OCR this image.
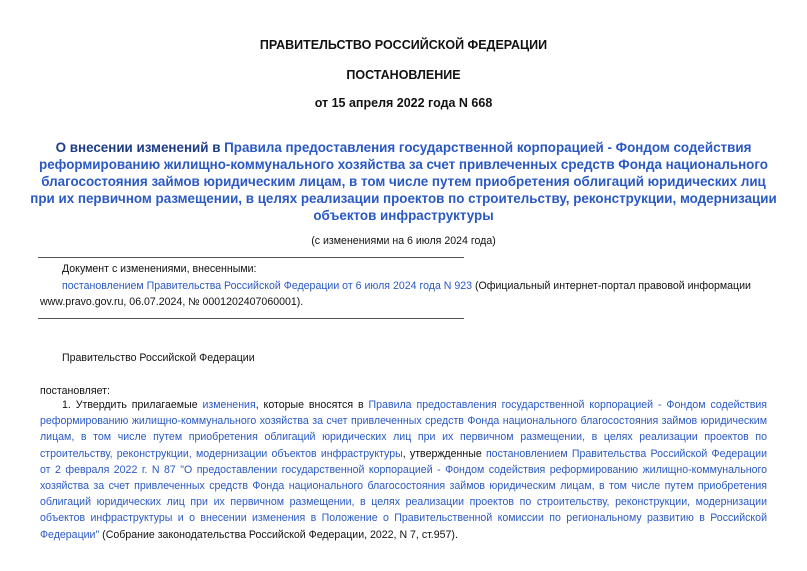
ПРАВИТЕЛЬСТВО РОССИЙСКОЙ ФЕДЕРАЦИИ
ПОСТАНОВЛЕНИЕ
от 15 апреля 2022 года N 668
О внесении изменений в Правила предоставления государственной корпорацией - Фондом содействия реформированию жилищно-коммунального хозяйства за счет привлеченных средств Фонда национального благосостояния займов юридическим лицам, в том числе путем приобретения облигаций юридических лиц при их первичном размещении, в целях реализации проектов по строительству, реконструкции, модернизации объектов инфраструктуры
(с изменениями на 6 июля 2024 года)
Документ с изменениями, внесенными:
постановлением Правительства Российской Федерации от 6 июля 2024 года N 923 (Официальный интернет-портал правовой информации www.pravo.gov.ru, 06.07.2024, № 0001202407060001).
Правительство Российской Федерации
постановляет:
1. Утвердить прилагаемые изменения, которые вносятся в Правила предоставления государственной корпорацией - Фондом содействия реформированию жилищно-коммунального хозяйства за счет привлеченных средств Фонда национального благосостояния займов юридическим лицам, в том числе путем приобретения облигаций юридических лиц при их первичном размещении, в целях реализации проектов по строительству, реконструкции, модернизации объектов инфраструктуры, утвержденные постановлением Правительства Российской Федерации от 2 февраля 2022 г. N 87 "О предоставлении государственной корпорацией - Фондом содействия реформированию жилищно-коммунального хозяйства за счет привлеченных средств Фонда национального благосостояния займов юридическим лицам, в том числе путем приобретения облигаций юридических лиц при их первичном размещении, в целях реализации проектов по строительству, реконструкции, модернизации объектов инфраструктуры и о внесении изменения в Положение о Правительственной комиссии по региональному развитию в Российской Федерации" (Собрание законодательства Российской Федерации, 2022, N 7, ст.957).
